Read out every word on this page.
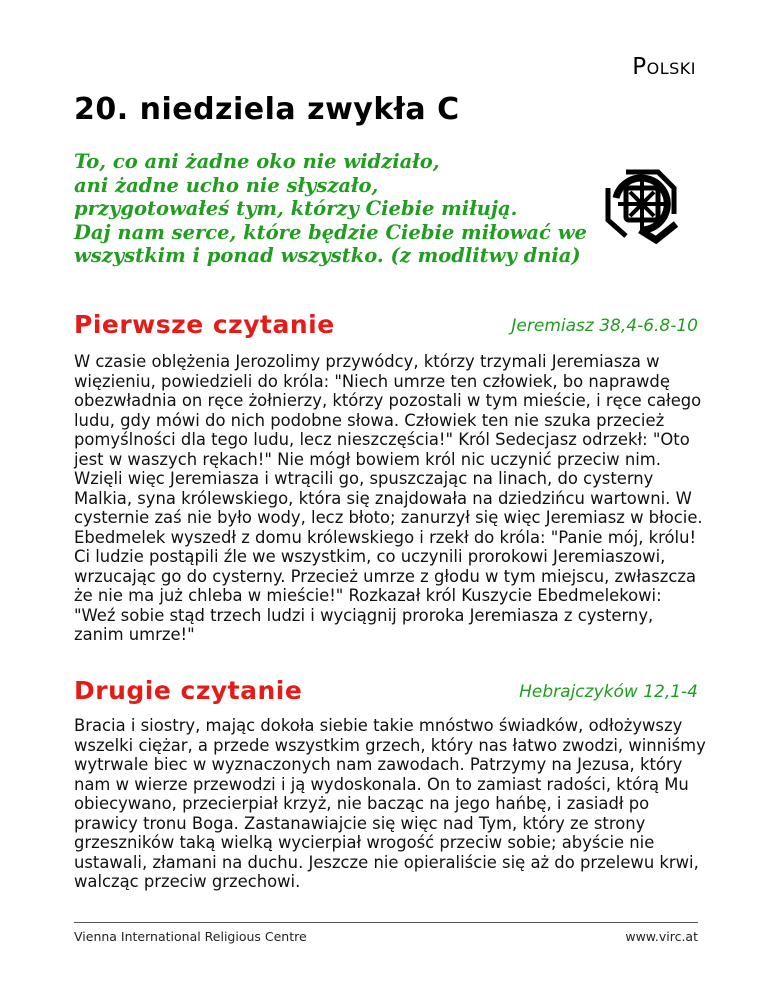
Polski
20. niedziela zwykła C

To, co ani żadne oko nie widziało,
ani żadne ucho nie słyszało,
przygotowałeś tym, którzy Ciebie miłują.
Daj nam serce, które będzie Ciebie miłować we
wszystkim i ponad wszystko. (z modlitwy dnia)

Pierwsze czytanie	Jeremiasz 38,4-6.8-10

W czasie oblężenia Jerozolimy przywódcy, którzy trzymali Jeremiasza w więzieniu, powiedzieli do króla: "Niech umrze ten człowiek, bo naprawdę obezwładnia on ręce żołnierzy, którzy pozostali w tym mieście, i ręce całego ludu, gdy mówi do nich podobne słowa. Człowiek ten nie szuka przecież pomyślności dla tego ludu, lecz nieszczęścia!" Król Sedecjasz odrzekł: "Oto jest w waszych rękach!" Nie mógł bowiem król nic uczynić przeciw nim. Wzięli więc Jeremiasza i wtrącili go, spuszczając na linach, do cysterny Malkia, syna królewskiego, która się znajdowała na dziedzińcu wartowni. W cysternie zaś nie było wody, lecz błoto; zanurzył się więc Jeremiasz w błocie. Ebedmelek wyszedł z domu królewskiego i rzekł do króla: "Panie mój, królu! Ci ludzie postąpili źle we wszystkim, co uczynili prorokowi Jeremiaszowi, wrzucając go do cysterny. Przecież umrze z głodu w tym miejscu, zwłaszcza że nie ma już chleba w mieście!" Rozkazał król Kuszycie Ebedmelekowi: "Weź sobie stąd trzech ludzi i wyciągnij proroka Jeremiasza z cysterny, zanim umrze!"

Drugie czytanie	Hebrajczyków 12,1-4

Bracia i siostry, mając dokoła siebie takie mnóstwo świadków, odłożywszy wszelki ciężar, a przede wszystkim grzech, który nas łatwo zwodzi, winniśmy wytrwale biec w wyznaczonych nam zawodach. Patrzymy na Jezusa, który nam w wierze przewodzi i ją wydoskonala. On to zamiast radości, którą Mu obiecywano, przecierpiał krzyż, nie bacząc na jego hańbę, i zasiadł po prawicy tronu Boga. Zastanawiajcie się więc nad Tym, który ze strony grzeszników taką wielką wycierpiał wrogość przeciw sobie; abyście nie ustawali, złamani na duchu. Jeszcze nie opieraliście się aż do przelewu krwi, walcząc przeciw grzechowi.

Vienna International Religious Centre	www.virc.at
